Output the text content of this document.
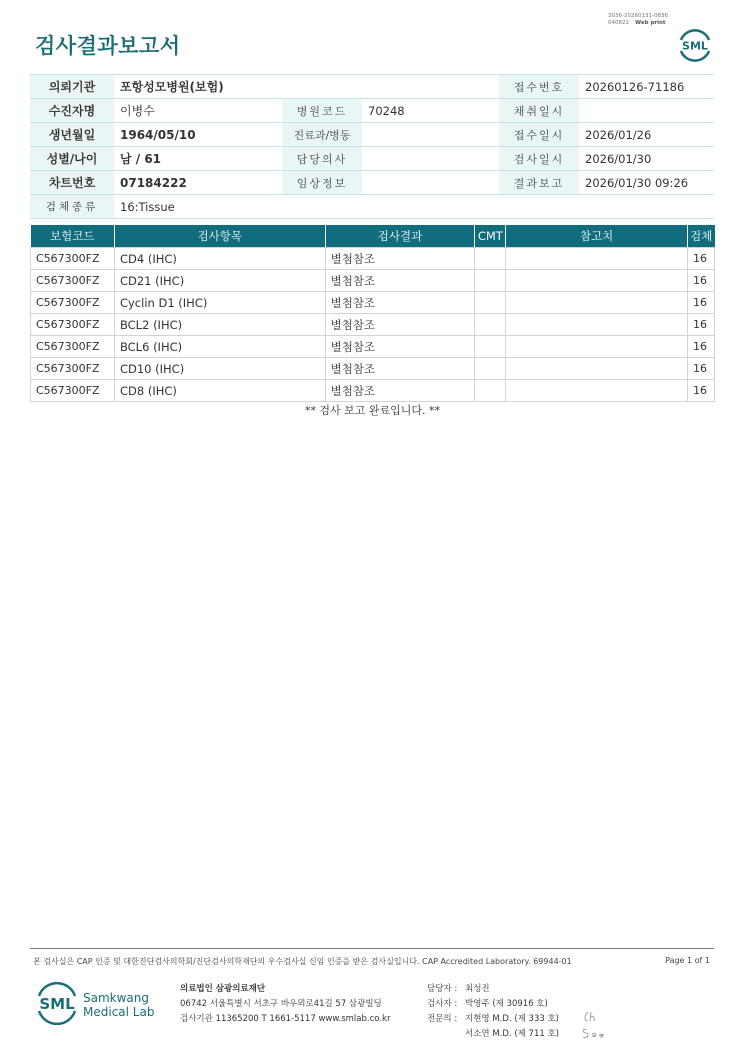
3036-20260131-0836
040822 Web print
SML
검사결과보고서
의뢰기관	포항성모병원(보험)			접수번호	20260126-71186
수진자명	이병수	병원코드	70248	채취일시	
생년월일	1964/05/10	진료과/병동		접수일시	2026/01/26
성별/나이	남 / 61	담당의사		검사일시	2026/01/30
차트번호	07184222	임상정보		결과보고	2026/01/30 09:26
검체종류	16:Tissue				
보험코드	검사항목	검사결과	CMT	참고치	검체
C567300FZ	CD4 (IHC)	별첨참조			16
C567300FZ	CD21 (IHC)	별첨참조			16
C567300FZ	Cyclin D1 (IHC)	별첨참조			16
C567300FZ	BCL2 (IHC)	별첨참조			16
C567300FZ	BCL6 (IHC)	별첨참조			16
C567300FZ	CD10 (IHC)	별첨참조			16
C567300FZ	CD8 (IHC)	별첨참조			16
** 검사 보고 완료입니다. **
본 검사실은 CAP 인증 및 대한진단검사의학회/진단검사의학재단의 우수검사실 신임 인증을 받은 검사실입니다. CAP Accredited Laboratory. 69944-01	Page 1 of 1
SML Samkwang
Medical Lab
의료법인 삼광의료재단
06742 서울특별시 서초구 바우뫼로41길 57 삼광빌딩
검사기관 11365200 T 1661-5117 www.smlab.co.kr
담당자 : 최성진
검사자 : 박영주 (제 30916 호)
전문의 : 지현영 M.D. (제 333 호)
서소연 M.D. (제 711 호)
